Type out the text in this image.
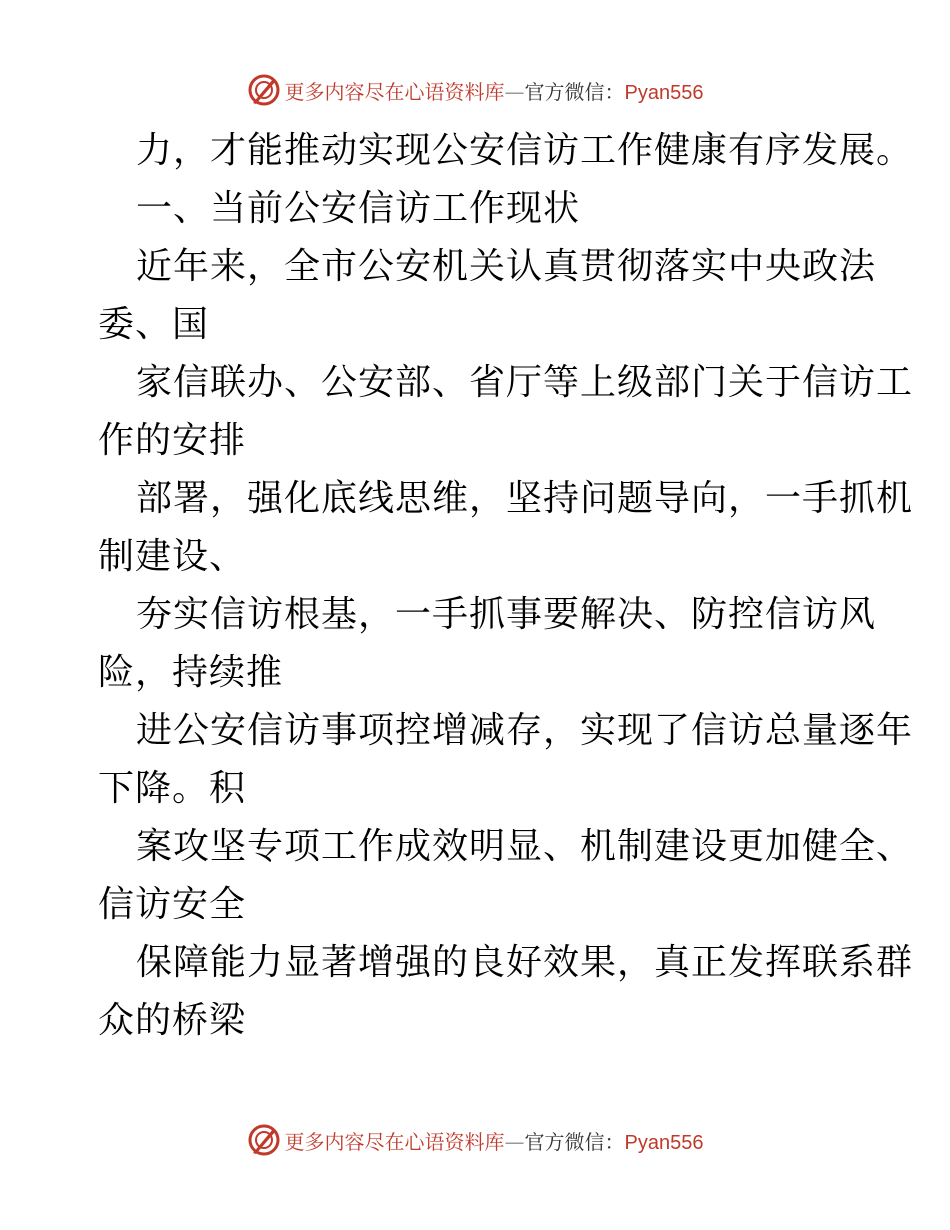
更多内容尽在心语资料库—官方微信：Pyan556
力，才能推动实现公安信访工作健康有序发展。
一、当前公安信访工作现状
近年来，全市公安机关认真贯彻落实中央政法
委、国
家信联办、公安部、省厅等上级部门关于信访工
作的安排
部署，强化底线思维，坚持问题导向，一手抓机
制建设、
夯实信访根基，一手抓事要解决、防控信访风
险，持续推
进公安信访事项控增减存，实现了信访总量逐年
下降。积
案攻坚专项工作成效明显、机制建设更加健全、
信访安全
保障能力显著增强的良好效果，真正发挥联系群
众的桥梁
更多内容尽在心语资料库—官方微信：Pyan556
